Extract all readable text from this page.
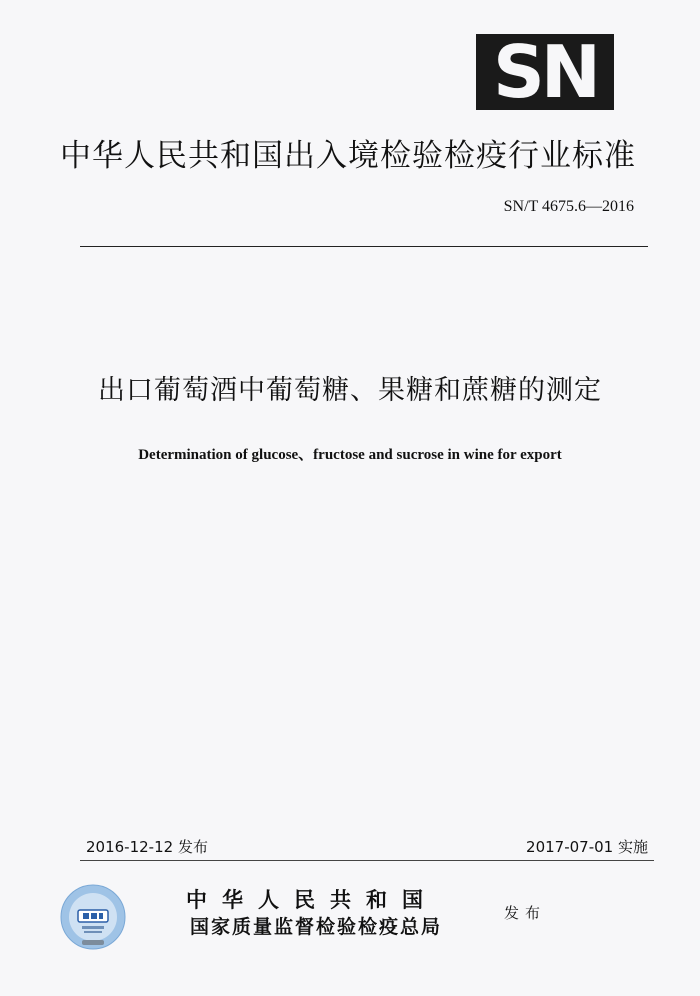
SN
中华人民共和国出入境检验检疫行业标准
SN/T 4675.6—2016
出口葡萄酒中葡萄糖、果糖和蔗糖的测定
Determination of glucose、fructose and sucrose in wine for export
2016-12-12 发布	2017-07-01 实施
中华人民共和国
国家质量监督检验检疫总局
发布
